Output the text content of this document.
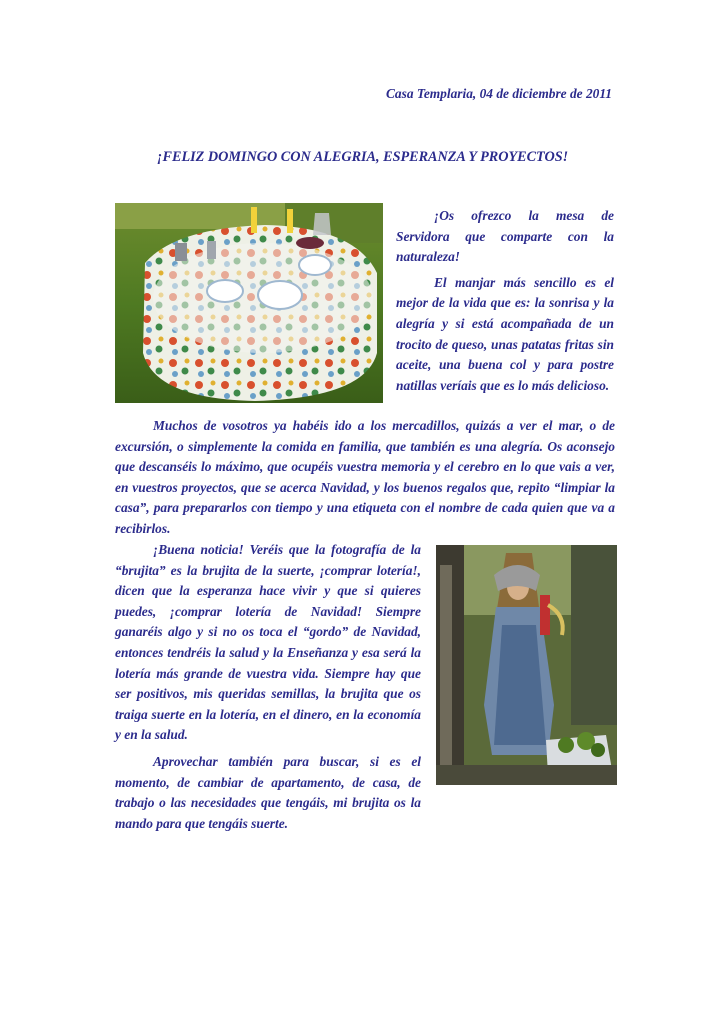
Casa Templaria, 04 de diciembre de 2011
¡FELIZ DOMINGO CON ALEGRIA, ESPERANZA Y PROYECTOS!

¡Os ofrezco la mesa de Servidora que comparte con la naturaleza!

El manjar más sencillo es el mejor de la vida que es: la sonrisa y la alegría y si está acompañada de un trocito de queso, unas patatas fritas sin aceite, una buena col y para postre natillas veríais que es lo más delicioso.

Muchos de vosotros ya habéis ido a los mercadillos, quizás a ver el mar, o de excursión, o simplemente la comida en familia, que también es una alegría. Os aconsejo que descanséis lo máximo, que ocupéis vuestra memoria y el cerebro en lo que vais a ver, en vuestros proyectos, que se acerca Navidad, y los buenos regalos que, repito “limpiar la casa”, para prepararlos con tiempo y una etiqueta con el nombre de cada quien que va a recibirlos.

¡Buena noticia! Veréis que la fotografía de la “brujita” es la brujita de la suerte, ¡comprar lotería!, dicen que la esperanza hace vivir y que si quieres puedes, ¡comprar lotería de Navidad! Siempre ganaréis algo y si no os toca el “gordo” de Navidad, entonces tendréis la salud y la Enseñanza y esa será la lotería más grande de vuestra vida. Siempre hay que ser positivos, mis queridas semillas, la brujita que os traiga suerte en la lotería, en el dinero, en la economía y en la salud.

Aprovechar también para buscar, si es el momento, de cambiar de apartamento, de casa, de trabajo o las necesidades que tengáis, mi brujita os la mando para que tengáis suerte.
